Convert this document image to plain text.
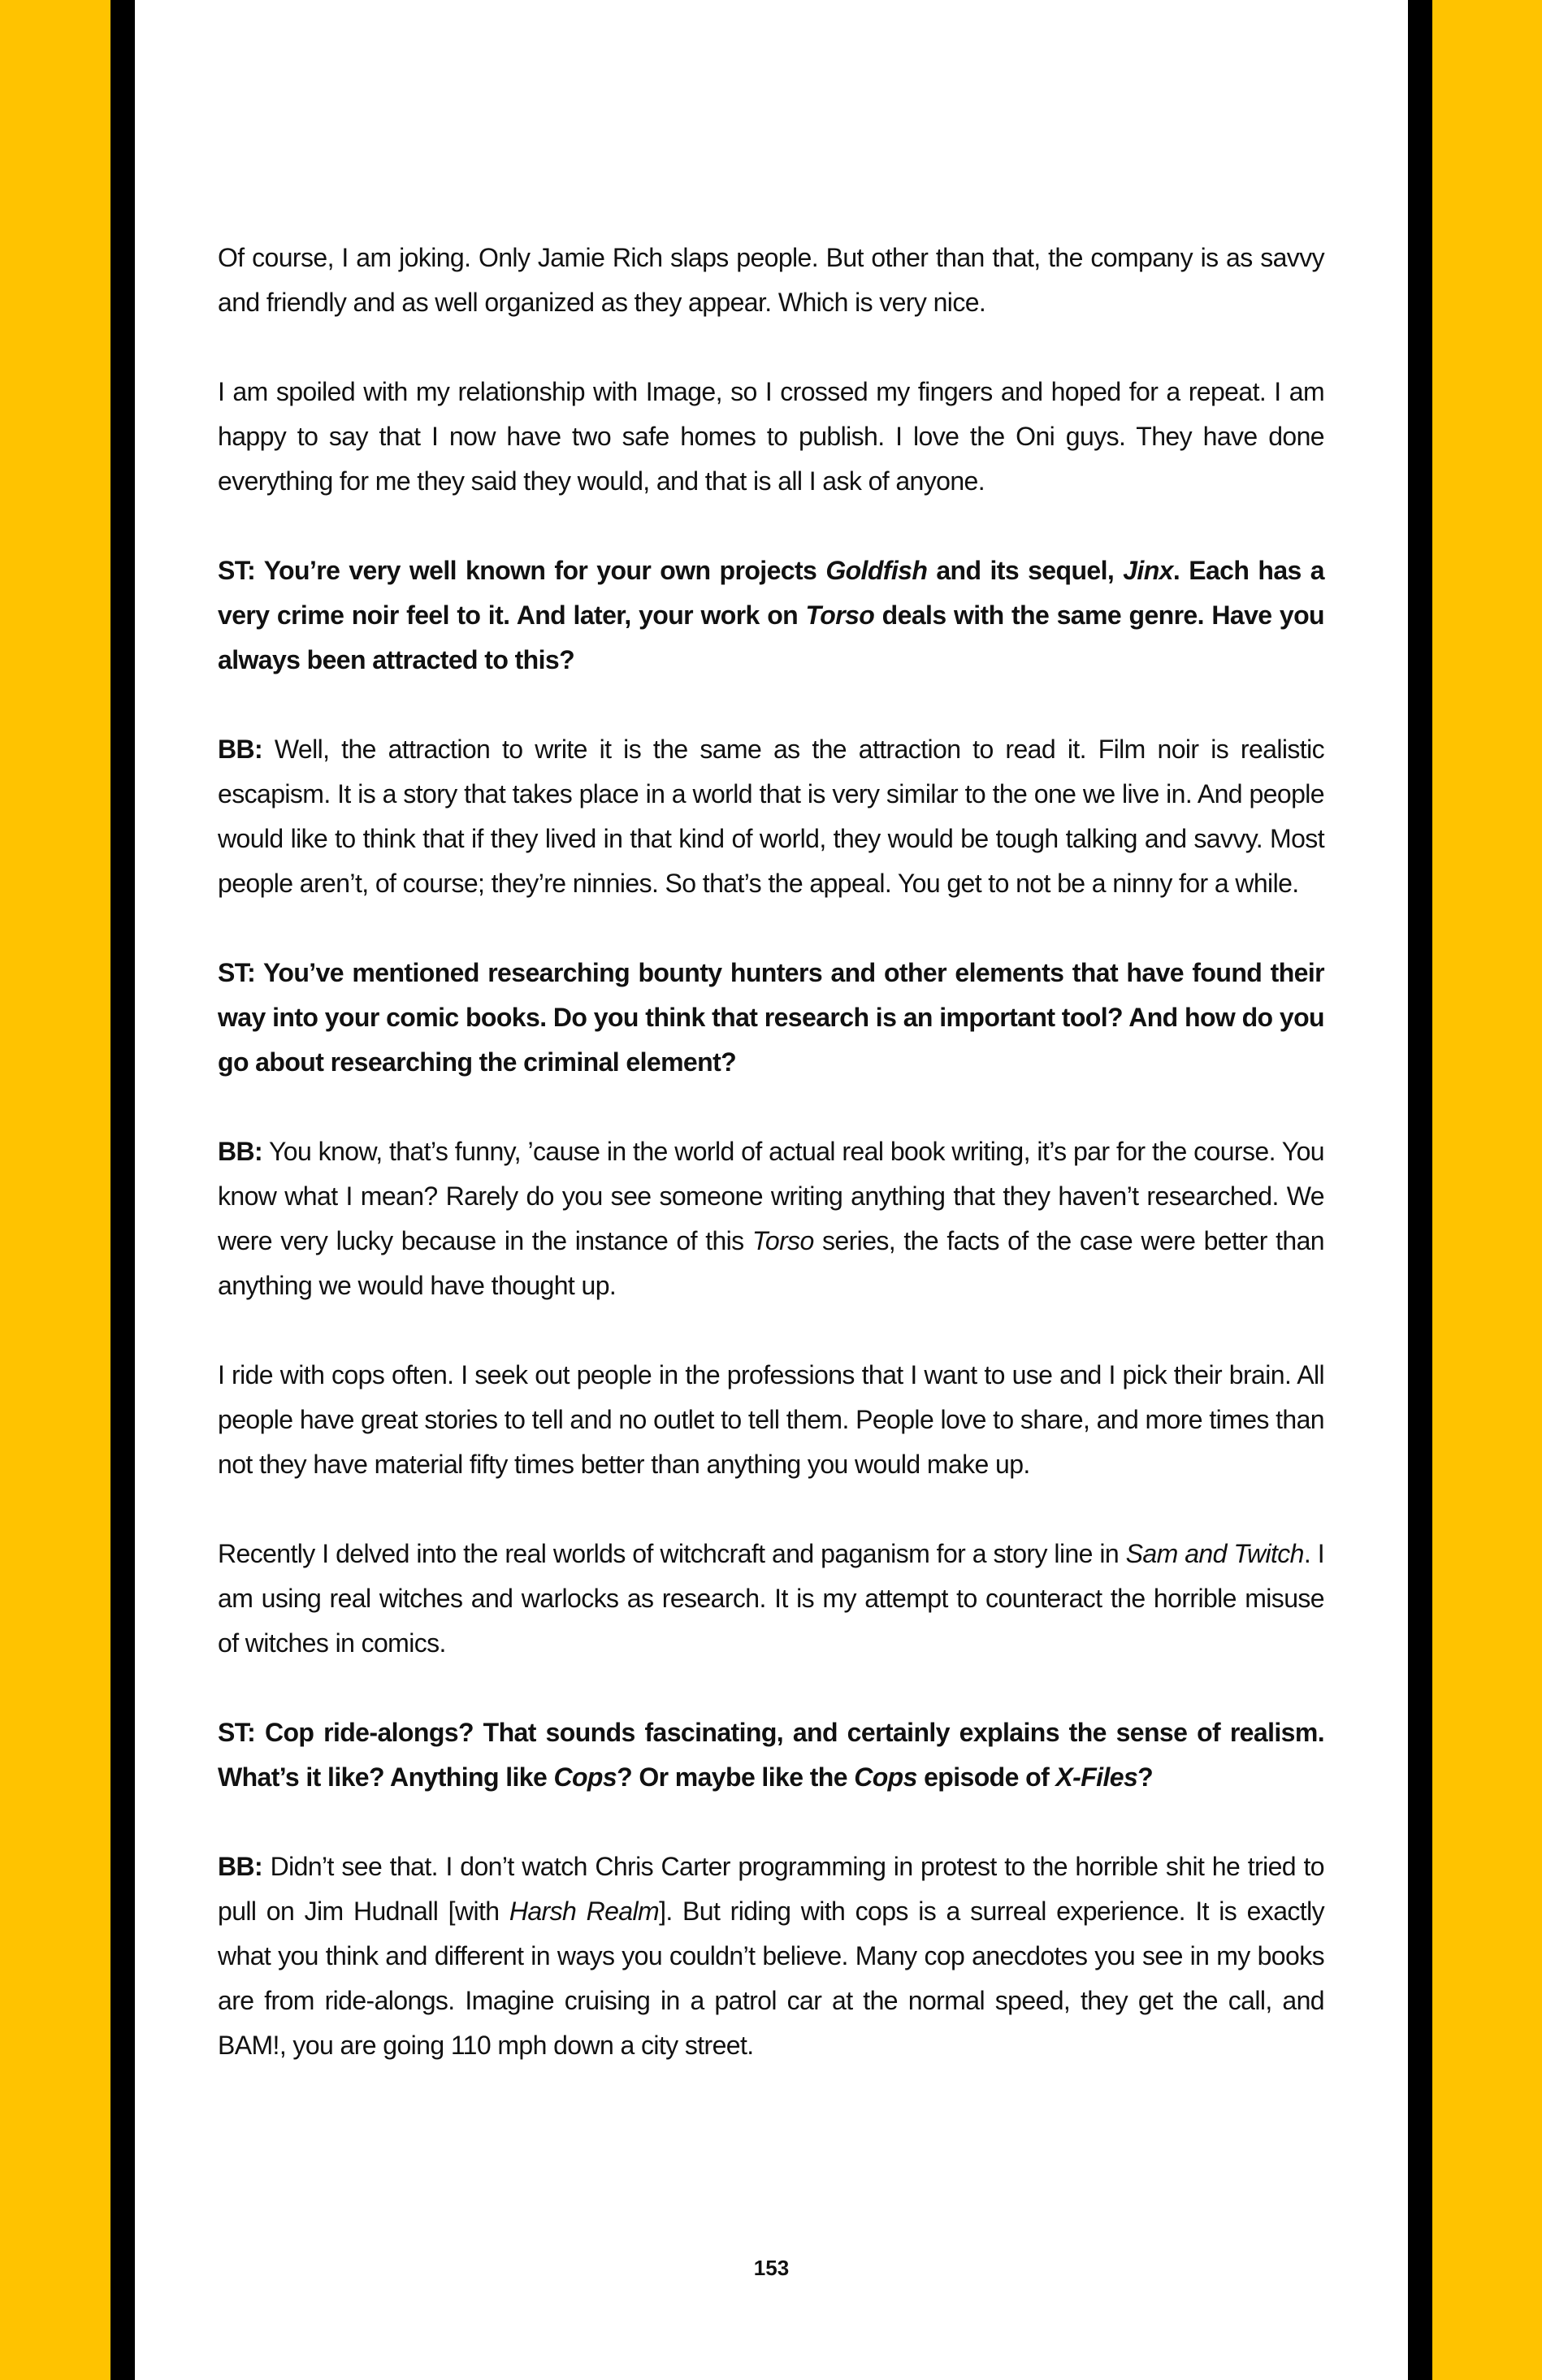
Of course, I am joking. Only Jamie Rich slaps people. But other than that, the company is as savvy and friendly and as well organized as they appear. Which is very nice.

I am spoiled with my relationship with Image, so I crossed my fingers and hoped for a repeat. I am happy to say that I now have two safe homes to publish. I love the Oni guys. They have done everything for me they said they would, and that is all I ask of anyone.

ST: You’re very well known for your own projects Goldfish and its sequel, Jinx. Each has a very crime noir feel to it. And later, your work on Torso deals with the same genre. Have you always been attracted to this?

BB: Well, the attraction to write it is the same as the attraction to read it. Film noir is realistic escapism. It is a story that takes place in a world that is very similar to the one we live in. And people would like to think that if they lived in that kind of world, they would be tough talking and savvy. Most people aren’t, of course; they’re ninnies. So that’s the appeal. You get to not be a ninny for a while.

ST: You’ve mentioned researching bounty hunters and other elements that have found their way into your comic books. Do you think that research is an important tool? And how do you go about researching the criminal element?

BB: You know, that’s funny, ’cause in the world of actual real book writing, it’s par for the course. You know what I mean? Rarely do you see someone writing anything that they haven’t researched. We were very lucky because in the instance of this Torso series, the facts of the case were better than anything we would have thought up.

I ride with cops often. I seek out people in the professions that I want to use and I pick their brain. All people have great stories to tell and no outlet to tell them. People love to share, and more times than not they have material fifty times better than anything you would make up.

Recently I delved into the real worlds of witchcraft and paganism for a story line in Sam and Twitch. I am using real witches and warlocks as research. It is my attempt to counteract the horrible misuse of witches in comics.

ST: Cop ride-alongs? That sounds fascinating, and certainly explains the sense of realism. What’s it like? Anything like Cops? Or maybe like the Cops episode of X-Files?

BB: Didn’t see that. I don’t watch Chris Carter programming in protest to the horrible shit he tried to pull on Jim Hudnall [with Harsh Realm]. But riding with cops is a surreal experience. It is exactly what you think and different in ways you couldn’t believe. Many cop anecdotes you see in my books are from ride-alongs. Imagine cruising in a patrol car at the normal speed, they get the call, and BAM!, you are going 110 mph down a city street.

153
